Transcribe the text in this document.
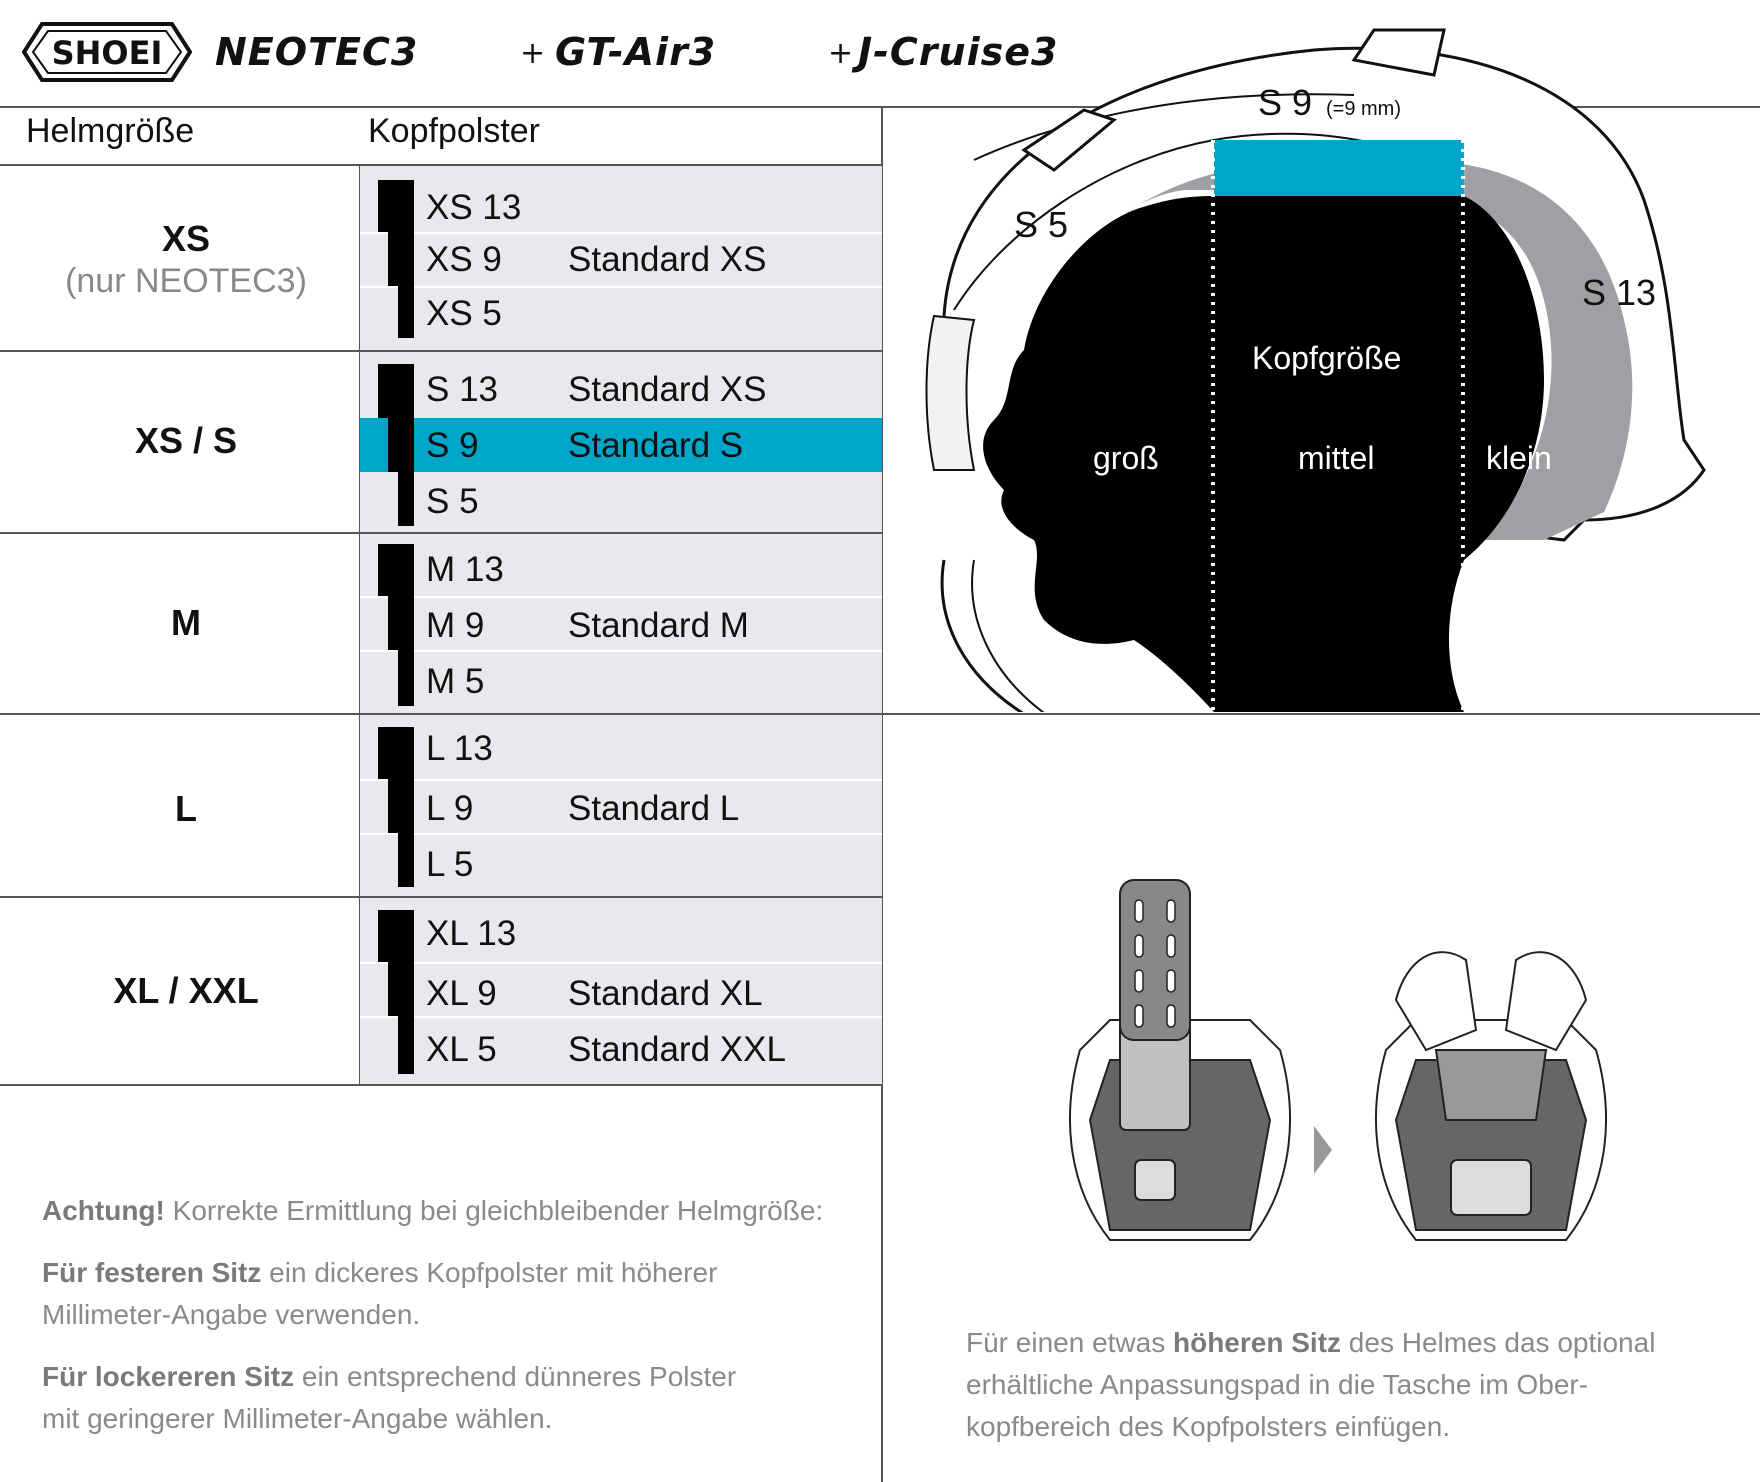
SHOEI NEOTEC3	+ GT-Air3	+ J-Cruise3
Helmgröße	Kopfpolster
XS
(nur NEOTEC3)
XS 13
XS 9 Standard XS
XS 5
XS / S
S 13 Standard XS
S 9	Standard S
S 5
M
M 13
M 9 Standard M
M 5
L
L 13
L 9	Standard L
L 5
XL / XXL
XL 13
XL 9 Standard XL
XL 5 Standard XXL
Achtung! Korrekte Ermittlung bei gleichbleibender Helmgröße:
Für festeren Sitz ein dickeres Kopfpolster mit höherer
Millimeter-Angabe verwenden.
Für lockereren Sitz ein entsprechend dünneres Polster
mit geringerer Millimeter-Angabe wählen.
S 9 (=9 mm)
S 5
S 13
Kopfgröße
groß	mittel	klein
Für einen etwas höheren Sitz des Helmes das optional
erhältliche Anpassungspad in die Tasche im Ober-
kopfbereich des Kopfpolsters einfügen.
